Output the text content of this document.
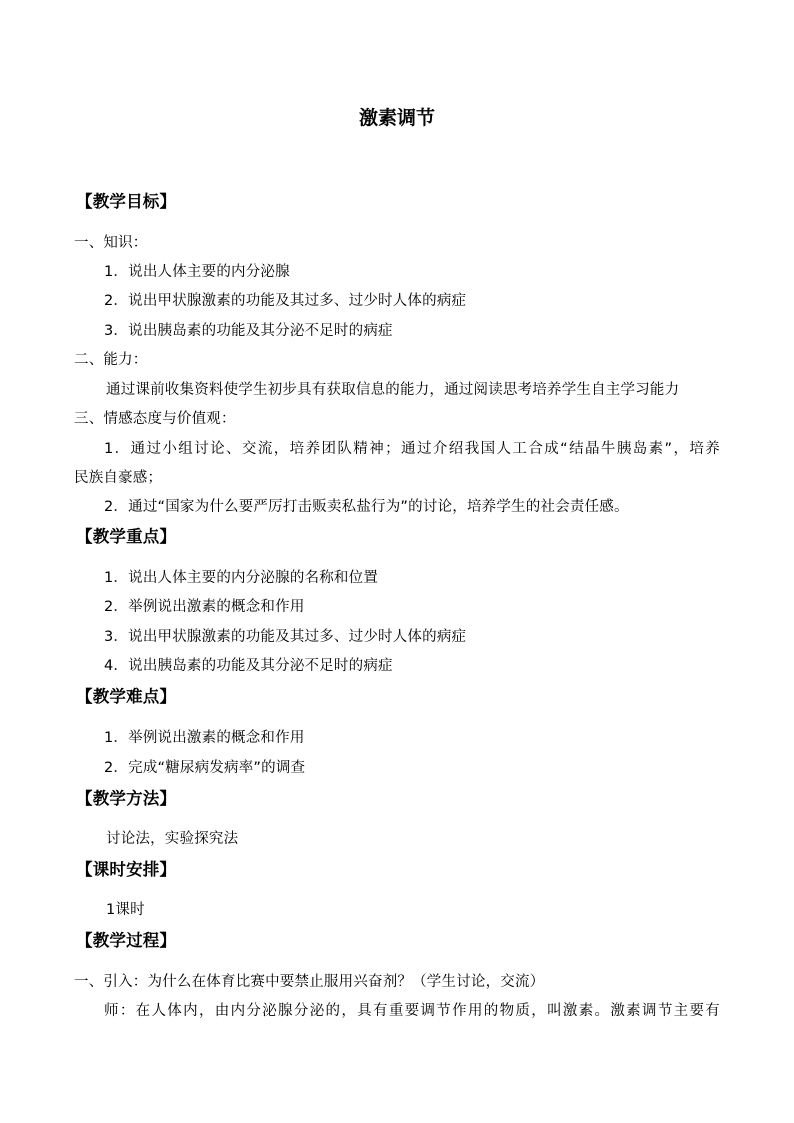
激素调节
【教学目标】
一、知识：
1．说出人体主要的内分泌腺
2．说出甲状腺激素的功能及其过多、过少时人体的病症
3．说出胰岛素的功能及其分泌不足时的病症
二、能力：
通过课前收集资料使学生初步具有获取信息的能力，通过阅读思考培养学生自主学习能力
三、情感态度与价值观：
1．通过小组讨论、交流，培养团队精神；通过介绍我国人工合成“结晶牛胰岛素”，培养
民族自豪感；
2．通过“国家为什么要严厉打击贩卖私盐行为”的讨论，培养学生的社会责任感。
【教学重点】
1．说出人体主要的内分泌腺的名称和位置
2．举例说出激素的概念和作用
3．说出甲状腺激素的功能及其过多、过少时人体的病症
4．说出胰岛素的功能及其分泌不足时的病症
【教学难点】
1．举例说出激素的概念和作用
2．完成“糖尿病发病率”的调查
【教学方法】
讨论法，实验探究法
【课时安排】
1课时
【教学过程】
一、引入：为什么在体育比赛中要禁止服用兴奋剂？（学生讨论，交流）
师：在人体内，由内分泌腺分泌的，具有重要调节作用的物质，叫激素。激素调节主要有
